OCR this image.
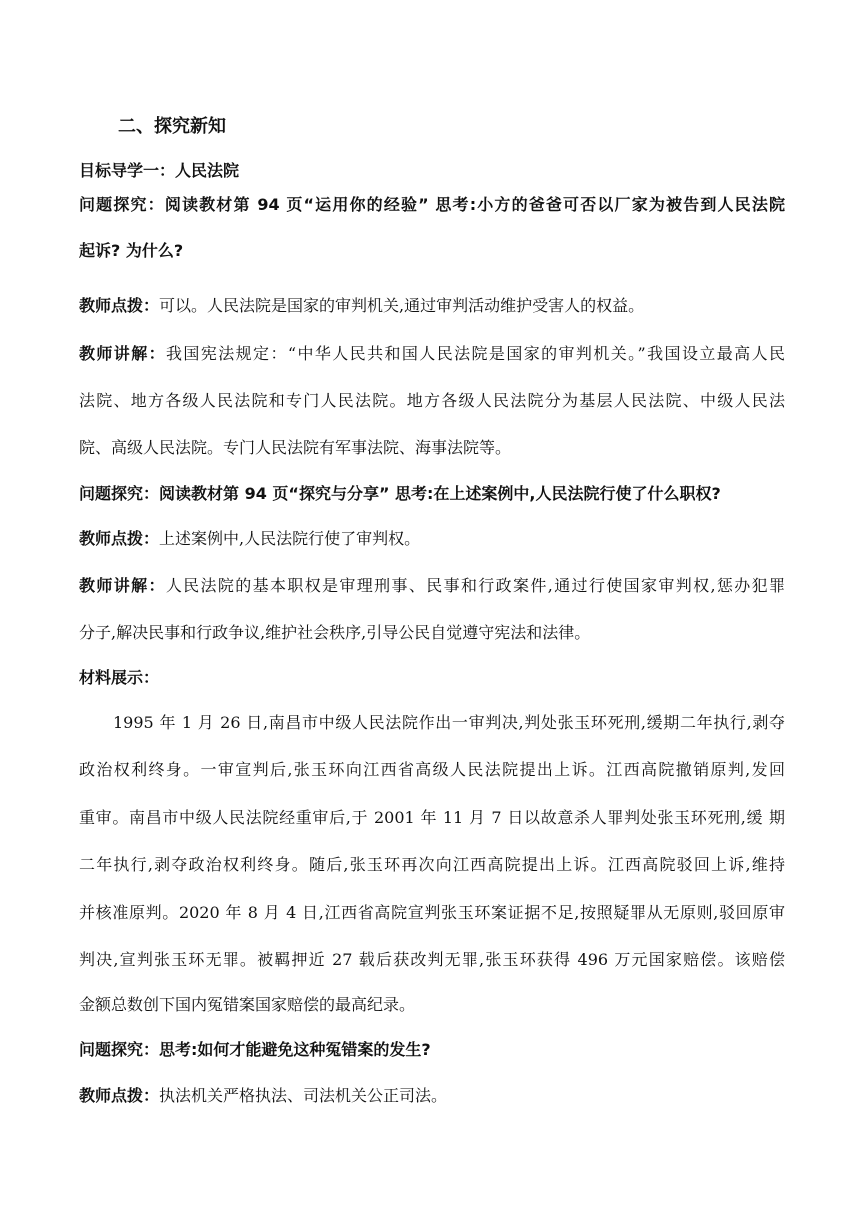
二、探究新知
目标导学一：人民法院
问题探究：阅读教材第 94 页“运用你的经验” 思考:小方的爸爸可否以厂家为被告到人民法院
起诉? 为什么?
教师点拨：可以。人民法院是国家的审判机关,通过审判活动维护受害人的权益。
教师讲解：我国宪法规定：“中华人民共和国人民法院是国家的审判机关。”我国设立最高人民
法院、地方各级人民法院和专门人民法院。地方各级人民法院分为基层人民法院、中级人民法
院、高级人民法院。专门人民法院有军事法院、海事法院等。
问题探究：阅读教材第 94 页“探究与分享” 思考:在上述案例中,人民法院行使了什么职权?
教师点拨：上述案例中,人民法院行使了审判权。
教师讲解：人民法院的基本职权是审理刑事、民事和行政案件,通过行使国家审判权,惩办犯罪
分子,解决民事和行政争议,维护社会秩序,引导公民自觉遵守宪法和法律。
材料展示：
1995 年 1 月 26 日,南昌市中级人民法院作出一审判决,判处张玉环死刑,缓期二年执行,剥夺
政治权利终身。一审宣判后,张玉环向江西省高级人民法院提出上诉。江西高院撤销原判,发回
重审。南昌市中级人民法院经重审后,于 2001 年 11 月 7 日以故意杀人罪判处张玉环死刑,缓 期
二年执行,剥夺政治权利终身。随后,张玉环再次向江西高院提出上诉。江西高院驳回上诉,维持
并核准原判。2020 年 8 月 4 日,江西省高院宣判张玉环案证据不足,按照疑罪从无原则,驳回原审
判决,宣判张玉环无罪。被羁押近 27 载后获改判无罪,张玉环获得 496 万元国家赔偿。该赔偿
金额总数创下国内冤错案国家赔偿的最高纪录。
问题探究：思考:如何才能避免这种冤错案的发生?
教师点拨：执法机关严格执法、司法机关公正司法。
